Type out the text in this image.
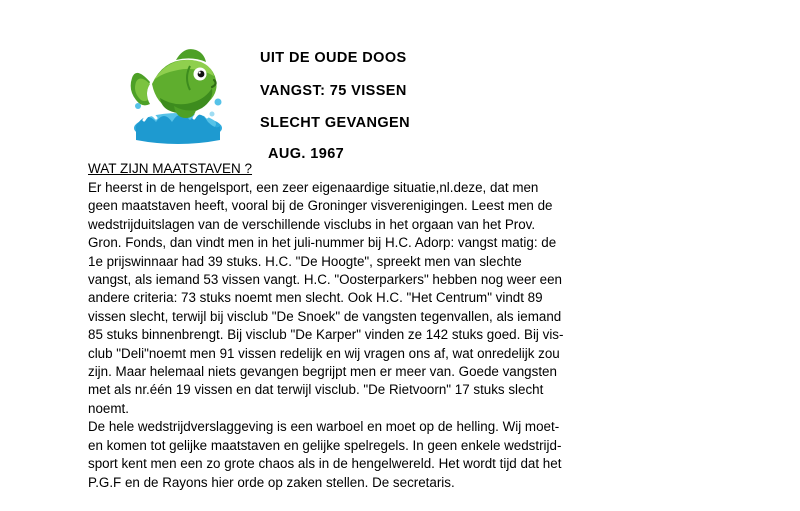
UIT DE OUDE DOOS
VANGST: 75 VISSEN
SLECHT GEVANGEN
AUG. 1967
WAT ZIJN MAATSTAVEN ?

Er heerst in de hengelsport, een zeer eigenaardige situatie,nl.deze, dat men
geen maatstaven heeft, vooral bij de Groninger visverenigingen. Leest men de
wedstrijduitslagen van de verschillende visclubs in het orgaan van het Prov.
Gron. Fonds, dan vindt men in het juli-nummer bij H.C. Adorp: vangst matig: de
1e prijswinnaar had 39 stuks. H.C. "De Hoogte", spreekt men van slechte
vangst, als iemand 53 vissen vangt. H.C. "Oosterparkers" hebben nog weer een
andere criteria: 73 stuks noemt men slecht. Ook H.C. "Het Centrum" vindt 89
vissen slecht, terwijl bij visclub "De Snoek" de vangsten tegenvallen, als iemand
85 stuks binnenbrengt. Bij visclub "De Karper" vinden ze 142 stuks goed. Bij vis-
club "Deli"noemt men 91 vissen redelijk en wij vragen ons af, wat onredelijk zou
zijn. Maar helemaal niets gevangen begrijpt men er meer van. Goede vangsten
met als nr.één 19 vissen en dat terwijl visclub. "De Rietvoorn" 17 stuks slecht
noemt.

De hele wedstrijdverslaggeving is een warboel en moet op de helling. Wij moet-
en komen tot gelijke maatstaven en gelijke spelregels. In geen enkele wedstrijd-
sport kent men een zo grote chaos als in de hengelwereld. Het wordt tijd dat het
P.G.F en de Rayons hier orde op zaken stellen. De secretaris.
